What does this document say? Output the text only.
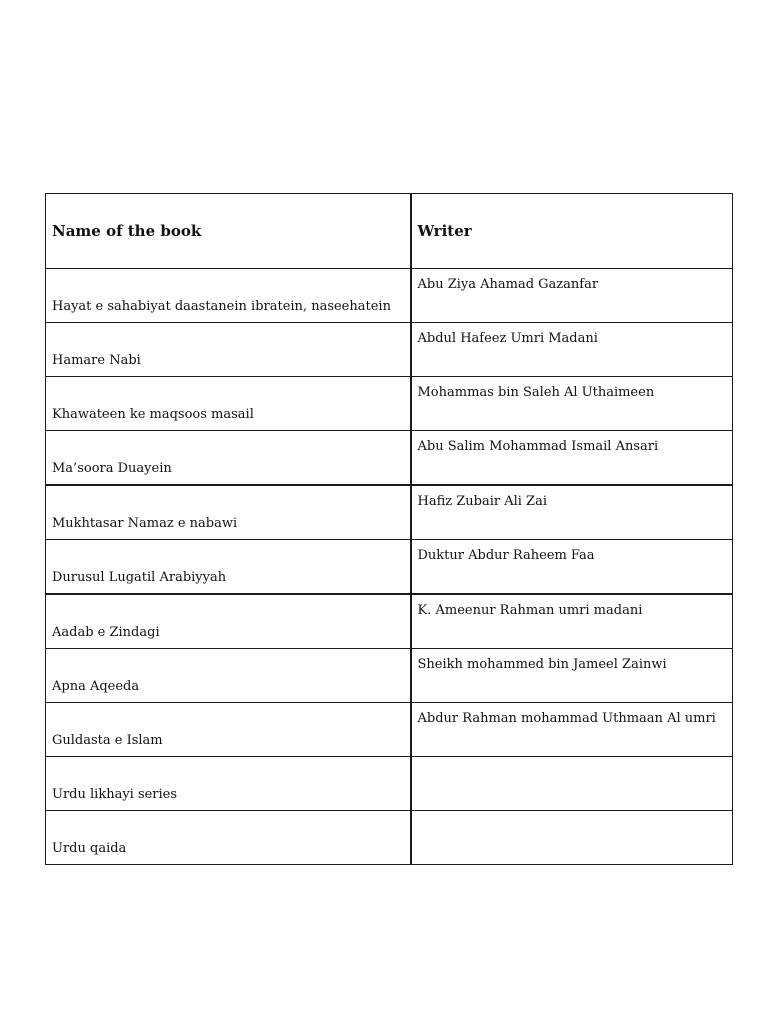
Name of the book	Writer
Hayat e sahabiyat daastanein ibratein, naseehatein	Abu Ziya Ahamad Gazanfar
Hamare Nabi	Abdul Hafeez Umri Madani
Khawateen ke maqsoos masail	Mohammas bin Saleh Al Uthaimeen
Ma’soora Duayein	Abu Salim Mohammad Ismail Ansari
Mukhtasar Namaz e nabawi	Hafiz Zubair Ali Zai
Durusul Lugatil Arabiyyah	Duktur Abdur Raheem Faa
Aadab e Zindagi	K. Ameenur Rahman umri madani
Apna Aqeeda	Sheikh mohammed bin Jameel Zainwi
Guldasta e Islam	Abdur Rahman mohammad Uthmaan Al umri
Urdu likhayi series	
Urdu qaida	
